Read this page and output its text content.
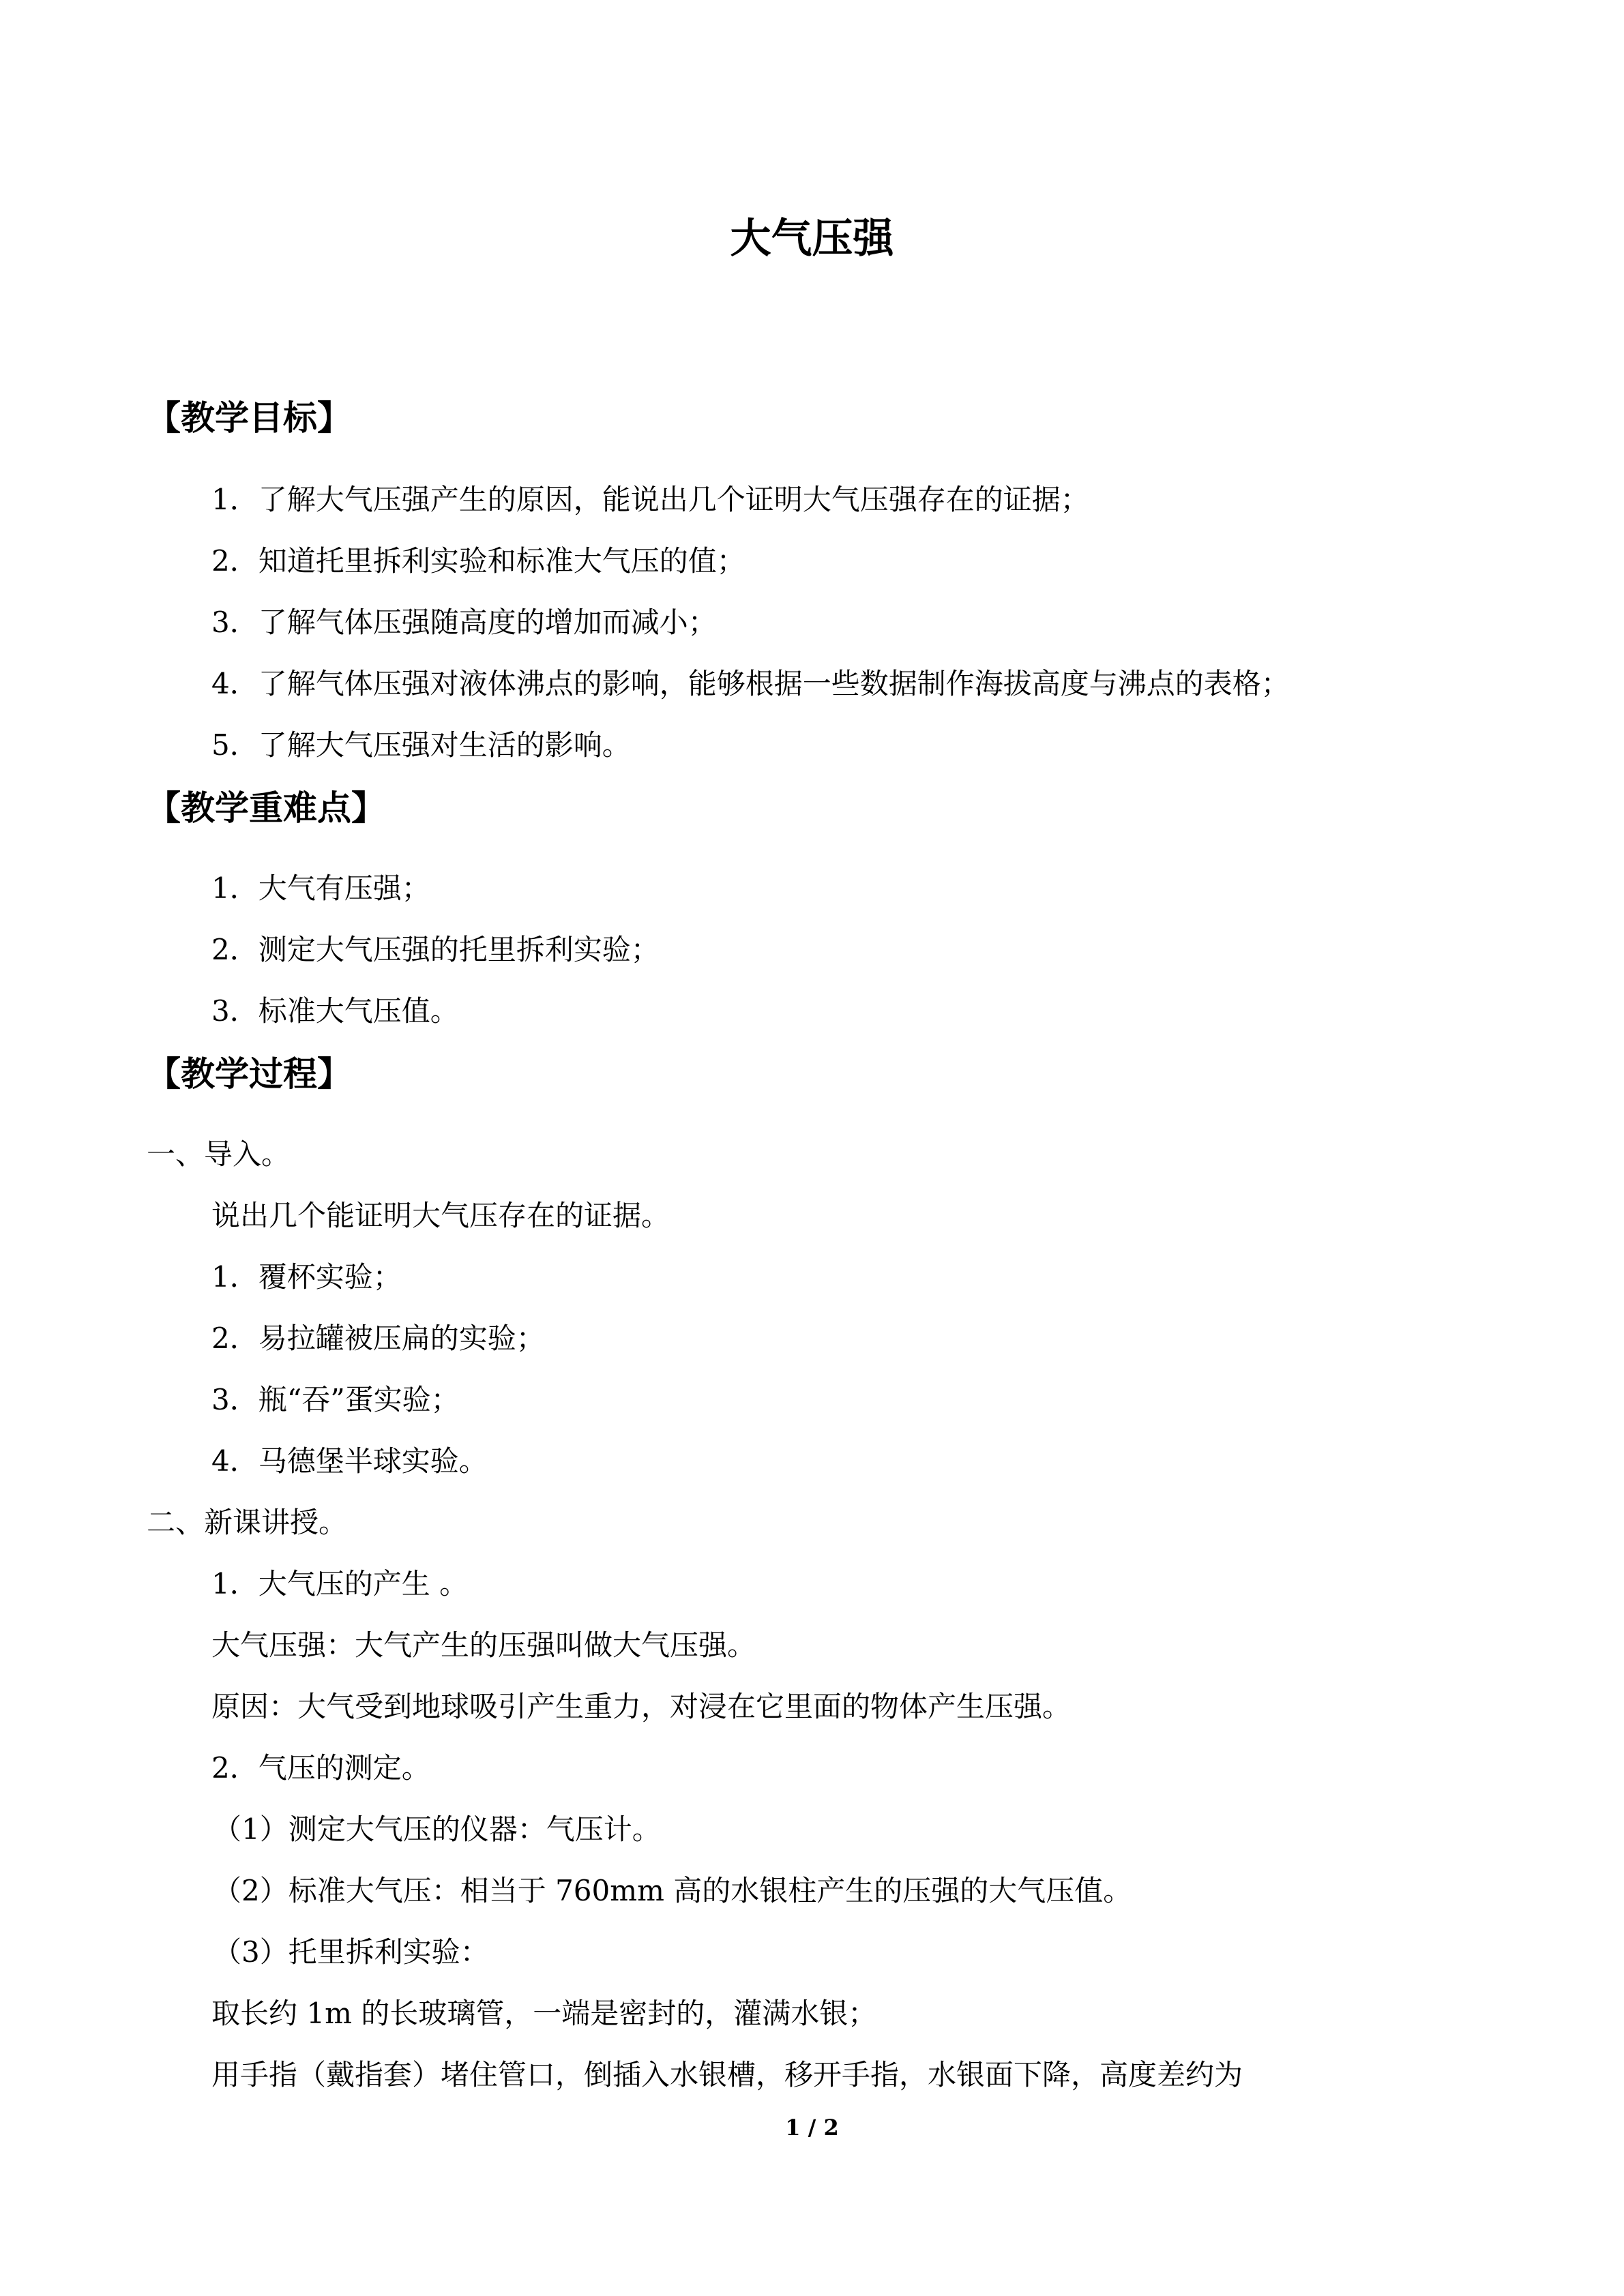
大气压强
【教学目标】
1．了解大气压强产生的原因，能说出几个证明大气压强存在的证据；
2．知道托里拆利实验和标准大气压的值；
3．了解气体压强随高度的增加而减小；
4．了解气体压强对液体沸点的影响，能够根据一些数据制作海拔高度与沸点的表格；
5．了解大气压强对生活的影响。
【教学重难点】
1．大气有压强；
2．测定大气压强的托里拆利实验；
3．标准大气压值。
【教学过程】
一、导入。
说出几个能证明大气压存在的证据。
1．覆杯实验；
2．易拉罐被压扁的实验；
3．瓶“吞”蛋实验；
4．马德堡半球实验。
二、新课讲授。
1．大气压的产生 。
大气压强：大气产生的压强叫做大气压强。
原因：大气受到地球吸引产生重力，对浸在它里面的物体产生压强。
2．气压的测定。
（1）测定大气压的仪器：气压计。
（2）标准大气压：相当于 760mm 高的水银柱产生的压强的大气压值。
（3）托里拆利实验：
取长约 1m 的长玻璃管，一端是密封的，灌满水银；
用手指（戴指套）堵住管口，倒插入水银槽，移开手指，水银面下降，高度差约为
1 / 2
